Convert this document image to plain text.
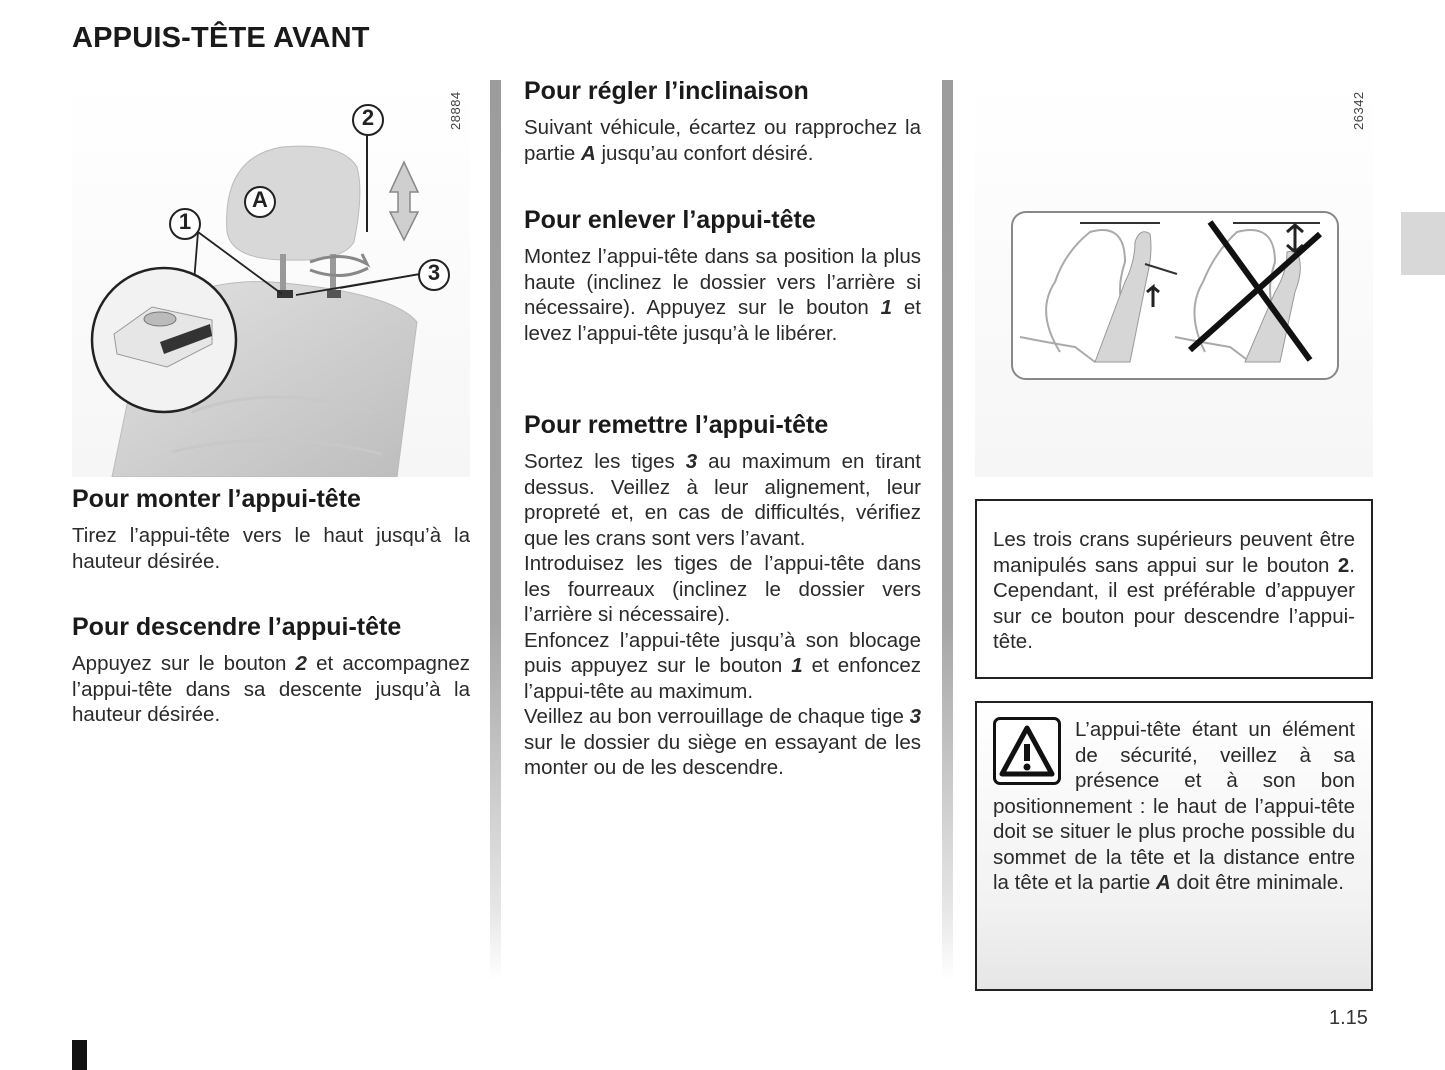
APPUIS-TÊTE AVANT
2
A
1
3
28884
Pour monter l’appui-tête

Tirez l’appui-tête vers le haut jusqu’à la hauteur désirée.

Pour descendre l’appui-tête

Appuyez sur le bouton 2 et accompagnez l’appui-tête dans sa descente jusqu’à la hauteur désirée.

Pour régler l’inclinaison

Suivant véhicule, écartez ou rapprochez la partie A jusqu’au confort désiré.

Pour enlever l’appui-tête

Montez l’appui-tête dans sa position la plus haute (inclinez le dossier vers l’arrière si nécessaire). Appuyez sur le bouton 1 et levez l’appui-tête jusqu’à le libérer.

Pour remettre l’appui-tête

Sortez les tiges 3 au maximum en tirant dessus. Veillez à leur alignement, leur propreté et, en cas de difficultés, vérifiez que les crans sont vers l’avant.

Introduisez les tiges de l’appui-tête dans les fourreaux (inclinez le dossier vers l’arrière si nécessaire).

Enfoncez l’appui-tête jusqu’à son blocage puis appuyez sur le bouton 1 et enfoncez l’appui-tête au maximum.

Veillez au bon verrouillage de chaque tige 3 sur le dossier du siège en essayant de les monter ou de les descendre.

26342

Les trois crans supérieurs peuvent être manipulés sans appui sur le bouton 2. Cependant, il est préférable d’appuyer sur ce bouton pour descendre l’appui-tête.

L’appui-tête étant un élément de sécurité, veillez à sa présence et à son bon positionnement : le haut de l’appui-tête doit se situer le plus proche possible du sommet de la tête et la distance entre la tête et la partie A doit être minimale.

1.15
